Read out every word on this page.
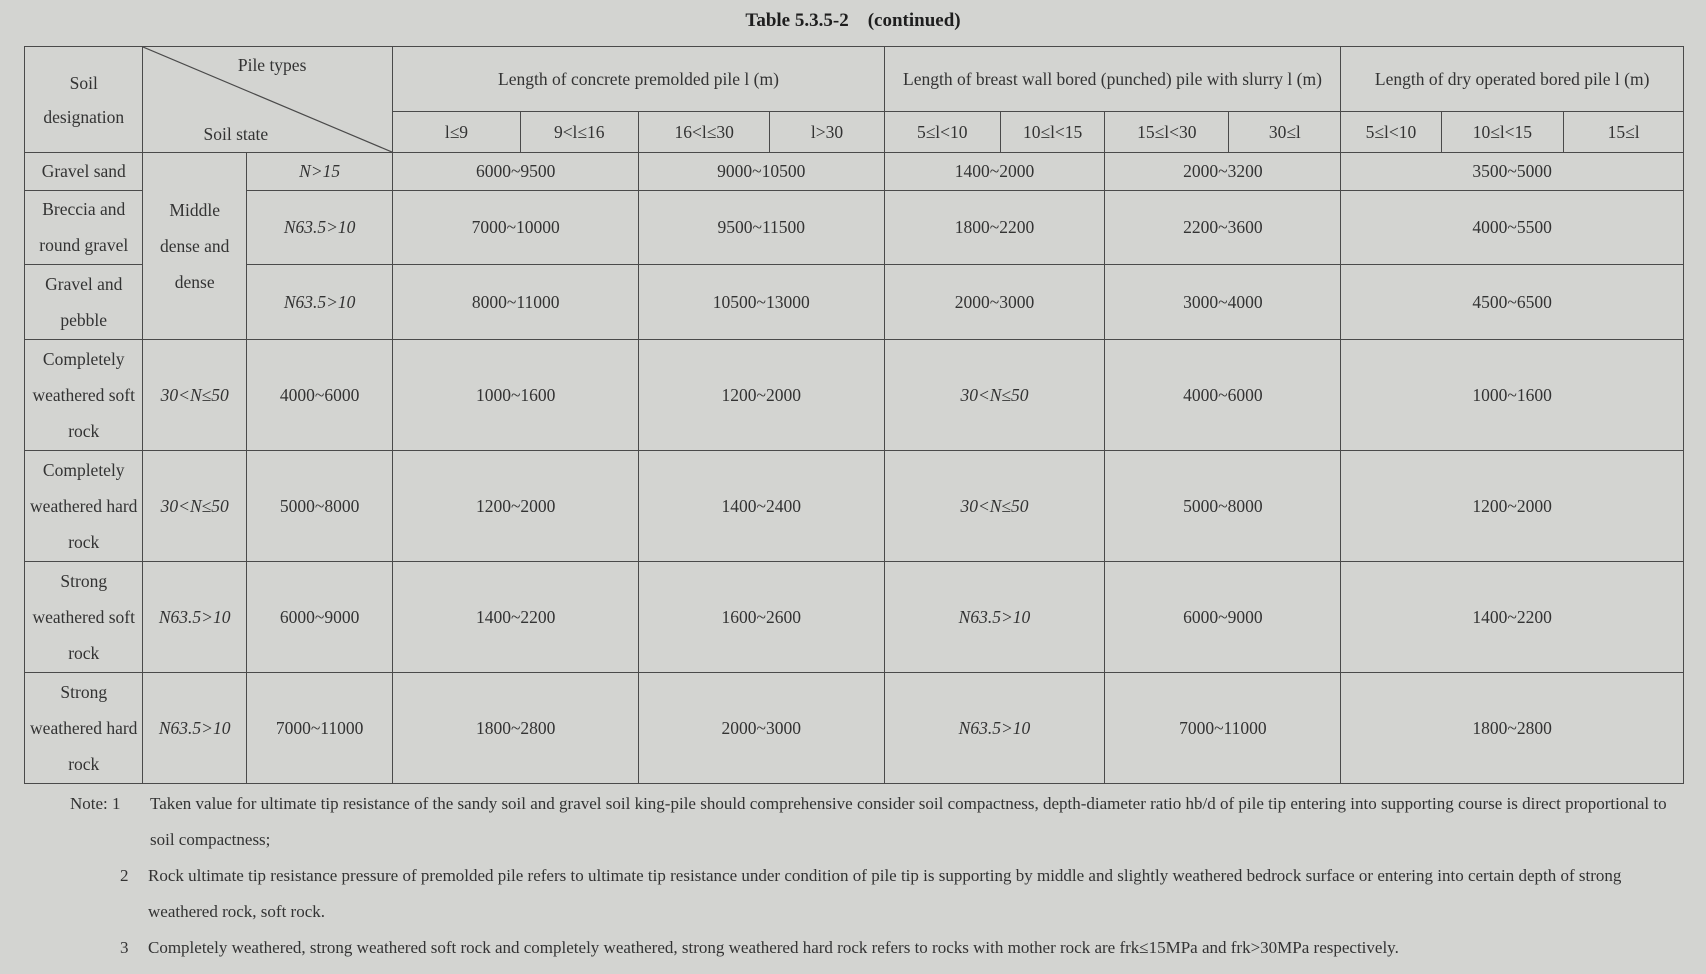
Table 5.3.5-2    (continued)
Soil designation	Pile types
Soil state		Length of concrete premolded pile l (m)				Length of breast wall bored (punched) pile with slurry l (m)				Length of dry operated bored pile l (m)		
			l≤9	9<l≤16	16<l≤30	l>30	5≤l<10	10≤l<15	15≤l<30	30≤l	5≤l<10	10≤l<15	15≤l
Gravel sand	Middle dense and dense	N>15	6000~9500		9000~10500		1400~2000		2000~3200		3500~5000		
Breccia and round gravel		N63.5>10	7000~10000		9500~11500		1800~2200		2200~3600		4000~5500		
Gravel and pebble		N63.5>10	8000~11000		10500~13000		2000~3000		3000~4000		4500~6500		
Completely weathered soft rock	30<N≤50	4000~6000	1000~1600		1200~2000		30<N≤50		4000~6000		1000~1600		
Completely weathered hard rock	30<N≤50	5000~8000	1200~2000		1400~2400		30<N≤50		5000~8000		1200~2000		
Strong weathered soft rock	N63.5>10	6000~9000	1400~2200		1600~2600		N63.5>10		6000~9000		1400~2200		
Strong weathered hard rock	N63.5>10	7000~11000	1800~2800		2000~3000		N63.5>10		7000~11000		1800~2800		
Note: 1 Taken value for ultimate tip resistance of the sandy soil and gravel soil king-pile should comprehensive consider soil compactness, depth-diameter ratio hb/d of pile tip entering into supporting course is direct proportional to soil compactness;
2 Rock ultimate tip resistance pressure of premolded pile refers to ultimate tip resistance under condition of pile tip is supporting by middle and slightly weathered bedrock surface or entering into certain depth of strong weathered rock, soft rock.
3 Completely weathered, strong weathered soft rock and completely weathered, strong weathered hard rock refers to rocks with mother rock are frk≤15MPa and frk>30MPa respectively.
